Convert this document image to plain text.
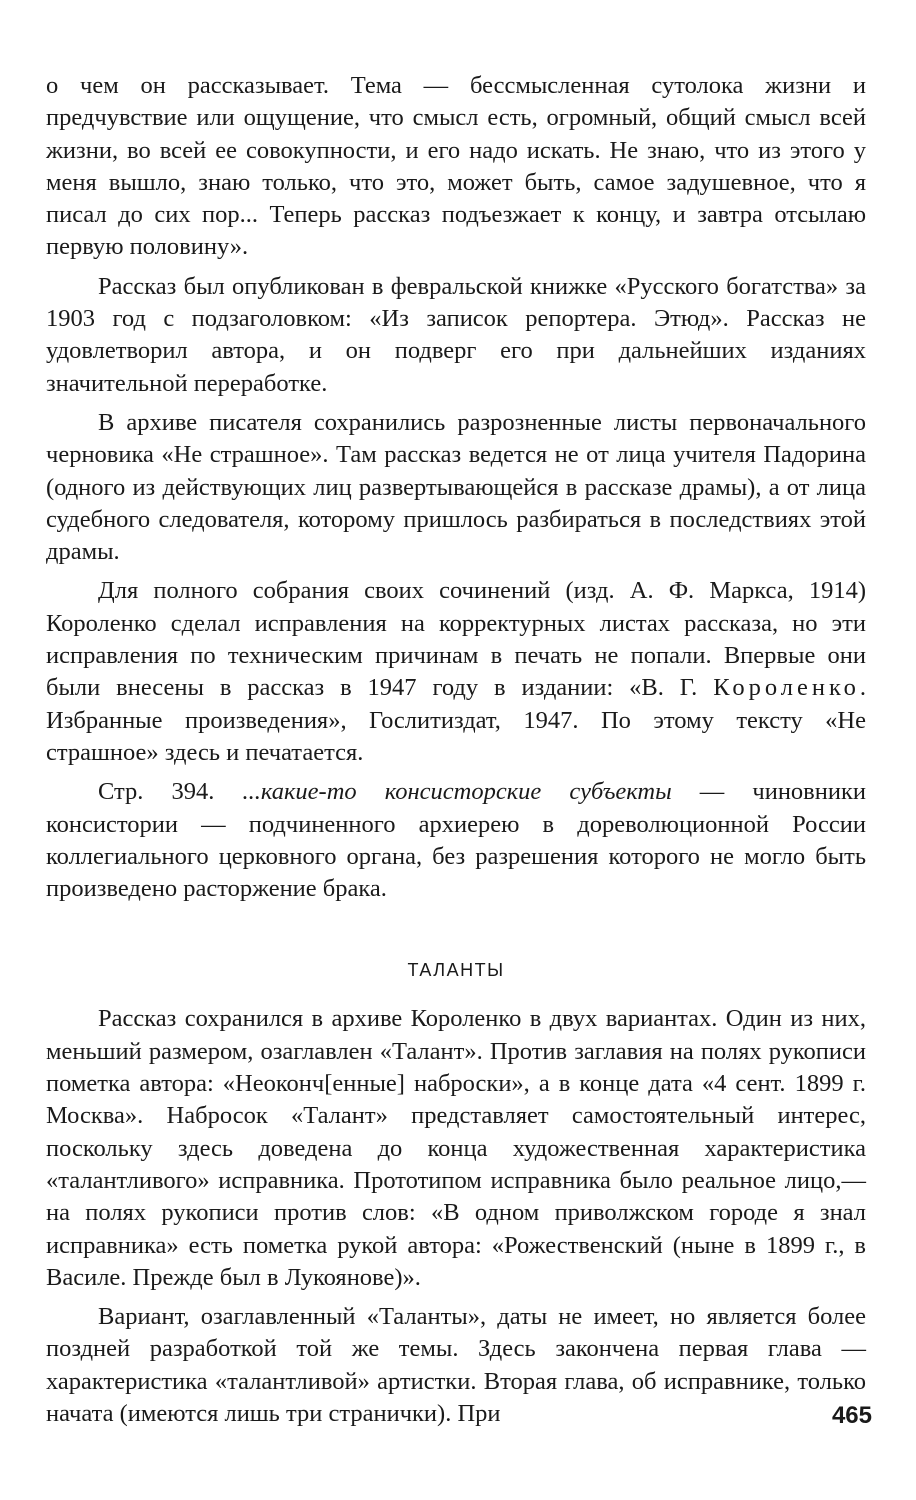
о чем он рассказывает. Тема — бессмысленная сутолока жизни и предчувствие или ощущение, что смысл есть, огромный, общий смысл всей жизни, во всей ее совокупности, и его надо искать. Не знаю, что из этого у меня вышло, знаю только, что это, может быть, самое задушевное, что я писал до сих пор... Теперь рассказ подъезжает к концу, и завтра отсылаю первую половину».

Рассказ был опубликован в февральской книжке «Русского богатства» за 1903 год с подзаголовком: «Из записок репортера. Этюд». Рассказ не удовлетворил автора, и он подверг его при дальнейших изданиях значительной переработке.

В архиве писателя сохранились разрозненные листы первоначального черновика «Не страшное». Там рассказ ведется не от лица учителя Падорина (одного из действующих лиц развертывающейся в рассказе драмы), а от лица судебного следователя, которому пришлось разбираться в последствиях этой драмы.

Для полного собрания своих сочинений (изд. А. Ф. Маркса, 1914) Короленко сделал исправления на корректурных листах рассказа, но эти исправления по техническим причинам в печать не попали. Впервые они были внесены в рассказ в 1947 году в издании: «В. Г. Короленко. Избранные произведения», Гослитиздат, 1947. По этому тексту «Не страшное» здесь и печатается.

Стр. 394. ...какие-то консисторские субъекты — чиновники консистории — подчиненного архиерею в дореволюционной России коллегиального церковного органа, без разрешения которого не могло быть произведено расторжение брака.

ТАЛАНТЫ

Рассказ сохранился в архиве Короленко в двух вариантах. Один из них, меньший размером, озаглавлен «Талант». Против заглавия на полях рукописи пометка автора: «Неоконч[енные] наброски», а в конце дата «4 сент. 1899 г. Москва». Набросок «Талант» представляет самостоятельный интерес, поскольку здесь доведена до конца художественная характеристика «талантливого» исправника. Прототипом исправника было реальное лицо,— на полях рукописи против слов: «В одном приволжском городе я знал исправника» есть пометка рукой автора: «Рожественский (ныне в 1899 г., в Василе. Прежде был в Лукоянове)».

Вариант, озаглавленный «Таланты», даты не имеет, но является более поздней разработкой той же темы. Здесь закончена первая глава — характеристика «талантливой» артистки. Вторая глава, об исправнике, только начата (имеются лишь три странички). При	465
